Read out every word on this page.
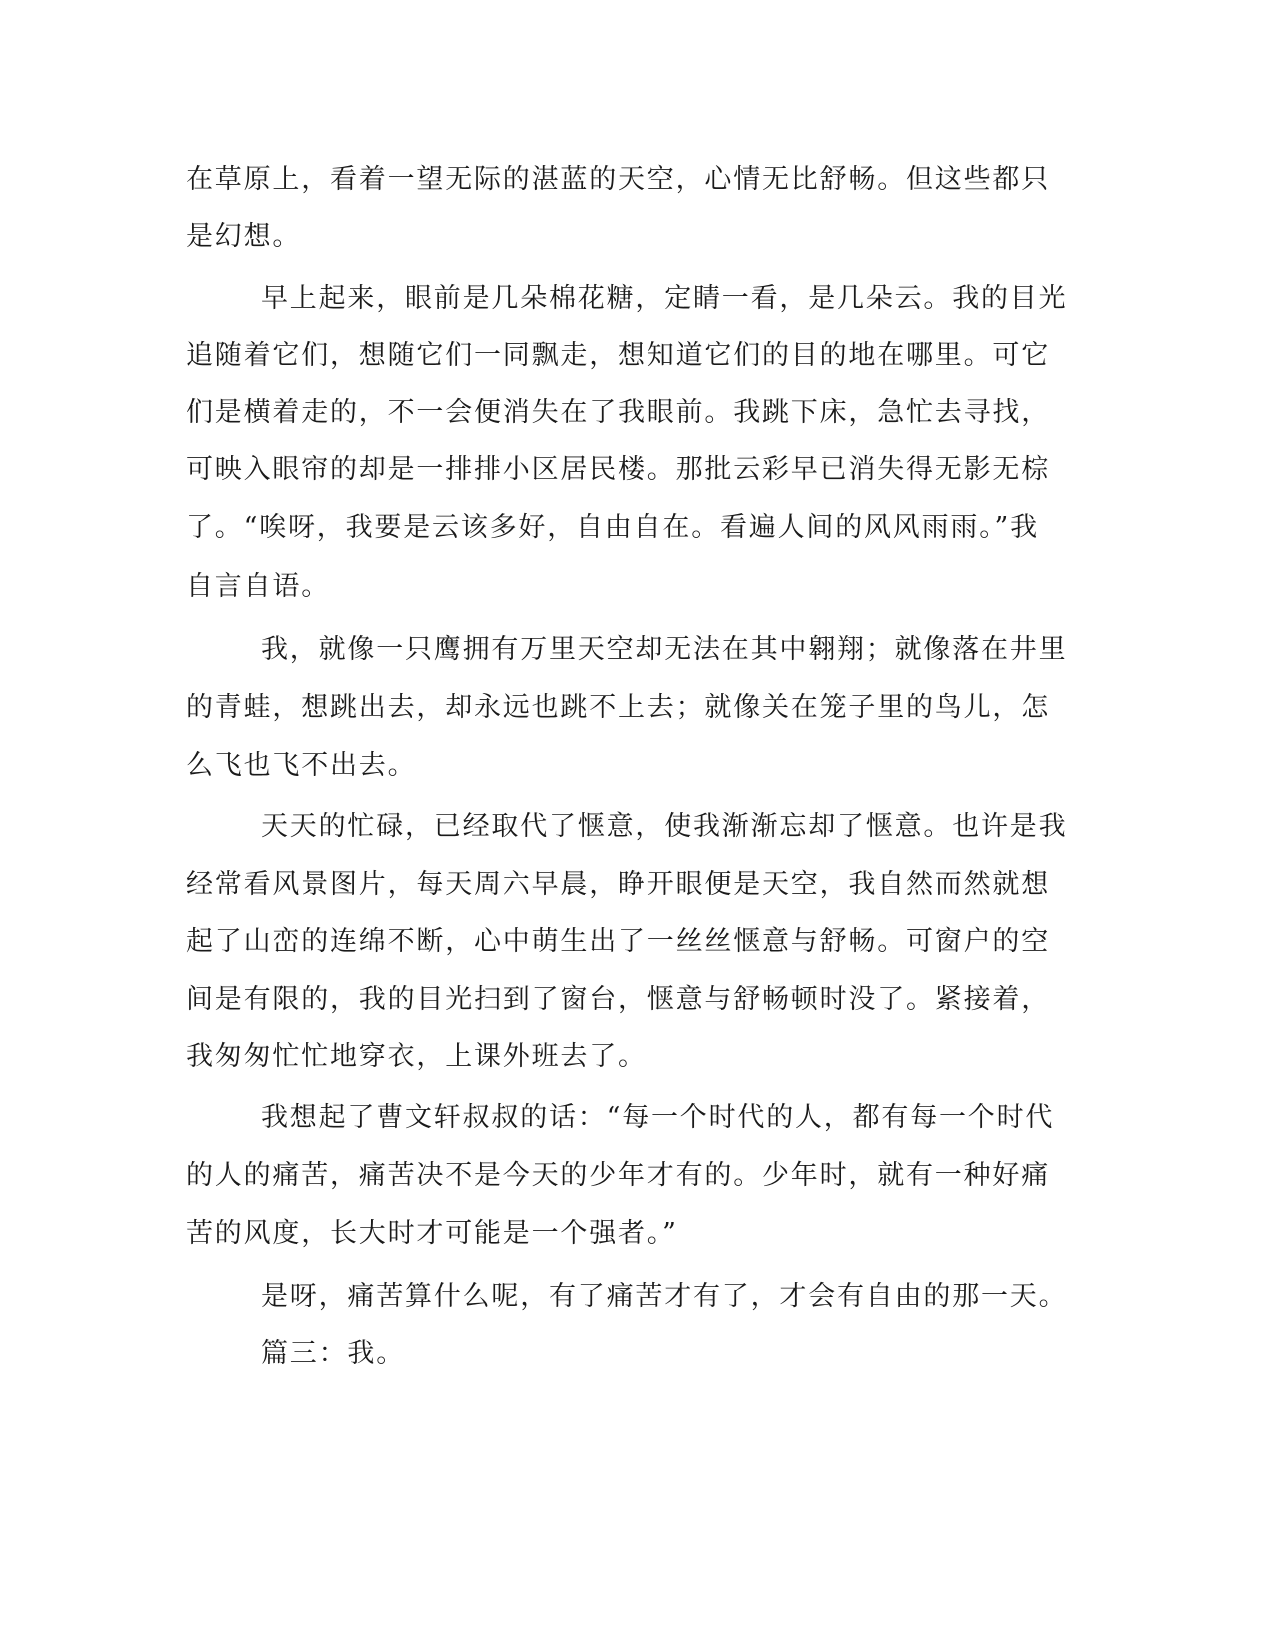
在草原上，看着一望无际的湛蓝的天空，心情无比舒畅。但这些都只
是幻想。
早上起来，眼前是几朵棉花糖，定睛一看，是几朵云。我的目光
追随着它们，想随它们一同飘走，想知道它们的目的地在哪里。可它
们是横着走的，不一会便消失在了我眼前。我跳下床，急忙去寻找，
可映入眼帘的却是一排排小区居民楼。那批云彩早已消失得无影无棕
了。“唉呀，我要是云该多好，自由自在。看遍人间的风风雨雨。”我
自言自语。
我，就像一只鹰拥有万里天空却无法在其中翱翔；就像落在井里
的青蛙，想跳出去，却永远也跳不上去；就像关在笼子里的鸟儿，怎
么飞也飞不出去。
天天的忙碌，已经取代了惬意，使我渐渐忘却了惬意。也许是我
经常看风景图片，每天周六早晨，睁开眼便是天空，我自然而然就想
起了山峦的连绵不断，心中萌生出了一丝丝惬意与舒畅。可窗户的空
间是有限的，我的目光扫到了窗台，惬意与舒畅顿时没了。紧接着，
我匆匆忙忙地穿衣，上课外班去了。
我想起了曹文轩叔叔的话：“每一个时代的人，都有每一个时代
的人的痛苦，痛苦决不是今天的少年才有的。少年时，就有一种好痛
苦的风度，长大时才可能是一个强者。”
是呀，痛苦算什么呢，有了痛苦才有了，才会有自由的那一天。
篇三：我。
